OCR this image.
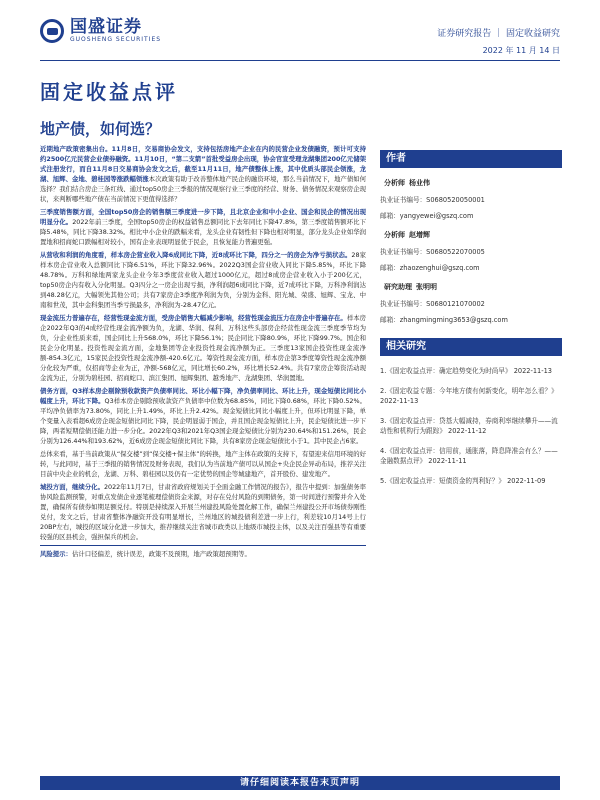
国盛证券
GUOSHENG SECURITIES
证券研究报告 ｜ 固定收益研究
2022 年 11 月 14 日
固定收益点评
地产债，如何选？
近期地产政策密集出台。11月8日，交易商协会发文，支持包括房地产企业在内的民营企业发债融资，预计可支持约2500亿元民营企业债券融资。11月10日，“第二支箭”首批受益房企出现，协会官宣受理龙湖集团200亿元储架式注册发行，而自11月8日交易商协会发文之后，截至11月11日，地产债整体上涨，其中优质头部民企领涨，龙湖、旭辉、金地、碧桂园等涨跌幅领涨本次政策有助于改善整体地产民企的融资环境，那么当前情况下，地产债如何选择？我们结合房企三条红线、通过top50房企三季报的情况观察行业三季度的经营、财务、债务情况来观察房企现状，来判断哪些地产债在当前情况下更值得选择？
三季度销售额方面，全国top50房企的销售额三季度进一步下降，且北京企业和中小企业、国企和民企的情况出现明显分化。2022年前三季度，全国top50房企的权益销售总额同比下去年同比下降47.8%，第三季度销售额环比下降5.48%，同比下降38.32%。相比中小企业的跌幅来看，龙头企业有韧性但下降也相对明显，部分龙头企业如华润置地和招商蛇口跌幅相对较小，国有企业表现明显优于民企，且恢复能力普遍更强。
从营收和利润的角度看，样本房企营业收入降6成同比下降，近8成环比下降，四分之一的房企为净亏损状态。28家样本房企营业收入总额同比下降6.51%，环比下降32.96%。2022Q3国企营业收入同比下降5.85%，环比下降48.78%。万科和绿地两家龙头企业今年3季度营业收入超过1000亿元，超过8成房企营业收入小于200亿元，top50房企内有收入分化明显。Q3四分之一房企出现亏损，净利润超6成同比下降，近7成环比下降，万科净利润达到48.28亿元，大幅领先其他公司；共有7家房企3季度净利润为负，分别为金科、阳光城、荣盛、旭辉、宝龙、中南和世茂，其中金科集团当季亏损最多，净利润为-28.47亿元。
现金流压力普遍存在，经营性现金流方面，受房企销售大幅减少影响，经营性现金流压力在房企中普遍存在。样本房企2022年Q3的4成经营性现金流净额为负，龙湖、华润、保利、万科这些头部房企经营性现金流三季度季节均为负，分企业性质来看，国企同比上升568.0%，环比下降56.1%；民企同比下降80.9%，环比下降99.7%。国企和民企分化明显。投资性现金流方面，金地集团等企业投资性现金流净额为正。三季度13家国企投资性现金流净额-854.3亿元，15家民企投资性现金流净额-420.6亿元。筹资性现金流方面，样本房企第3季度筹资性现金流净额分化较为严重，仅招商等企业为正，净额-568亿元，同比增长60.2%，环比增长52.4%。共有7家房企筹资活动现金流为正，分别为碧桂园、招商蛇口、滨江集团、旭辉集团、越秀地产、龙湖集团、华润置地。
债务方面，Q3样本房企剔除预收款资产负债率同比、环比小幅下降，净负债率同比、环比上升，现金短债比同比小幅度上升，环比下降。Q3样本房企剔除预收款资产负债率中位数为68.85%，同比下降0.68%，环比下降0.52%。平均净负债率为73.80%，同比上升1.49%，环比上升2.42%。现金短债比同比小幅度上升，但环比明显下降，单个变量入表看超6成房企现金短债比同比下降，民企明显弱于国企，并且国企现金短债比上升，民企短债比进一步下降，两者短期偿债还能力进一步分化。2022年Q3和2021年Q3国企现金短债比分别为230.64%和151.26%，民企分别为126.44%和193.62%，近6成房企现金短债比同比下降，共有8家房企现金短债比小于1。其中民企占6家。
总体来看，基于当前政策从“保交楼”到“保交楼+保主体”的转换，地产主体在政策的支持下，有望迎来信用环境的好转，与此同时，基于三季报的销售情况及财务表现，我们认为当前地产债可以从国企+央企民企异动布局，推荐关注目前中央企业的机会，龙湖、万科、碧桂园以及仍有一定优势的国企等城建地产，首开股份、建发地产。
城投方面，继续分化。2022年11月7日，甘肃省政府规划关于全面金融工作情况的报告》，报告中提到：加强债务率协风险监测预警，对重点发债企业逐笔梳理偿债资金来源，对存在兑付风险的到期债务，第一时间进行预警并介入处置，确保所有债券如期足额兑付。特别是持续深入开展兰州建投风险处置化解工作，确保兰州建投公开市场债券刚性兑付，发文之后，甘肃省整体净融资开没有明显增长，兰州地区的城投债利差进一步上行，利差较10月14号上行20BP左右，城投的区域分化进一步加大，推荐继续关注省城市政类以上地级市城投主体，以及关注百强县等有重要较强的区县机会，强担保兵的机会。
风险提示：估计口径偏差，统计误差，政策不及预期，地产政策超预期等。
作者
分析师 杨业伟
执业证书编号：S0680520050001
邮箱：yangyewei@gszq.com
分析师 赵增辉
执业证书编号：S0680522070005
邮箱：zhaozenghui@gszq.com
研究助理 张明明
执业证书编号：S0680121070002
邮箱：zhangmingming3653@gszq.com
相关研究
1.《固定收益点评：确定趋势变化为时尚早》 2022-11-13
2.《固定收益专题：今年地方债有何新变化，明年怎么看？》 2022-11-13
3.《固定收益点评：贷基大幅减持，券商利率继续攀升——流动性和机构行为跟踪》 2022-11-12
4.《固定收益点评：信用前，通胀落，降息降准会有么？——金融数据点评》 2022-11-11
5.《固定收益点评：短债资金的判利好？》 2022-11-09
请仔细阅读本报告末页声明
